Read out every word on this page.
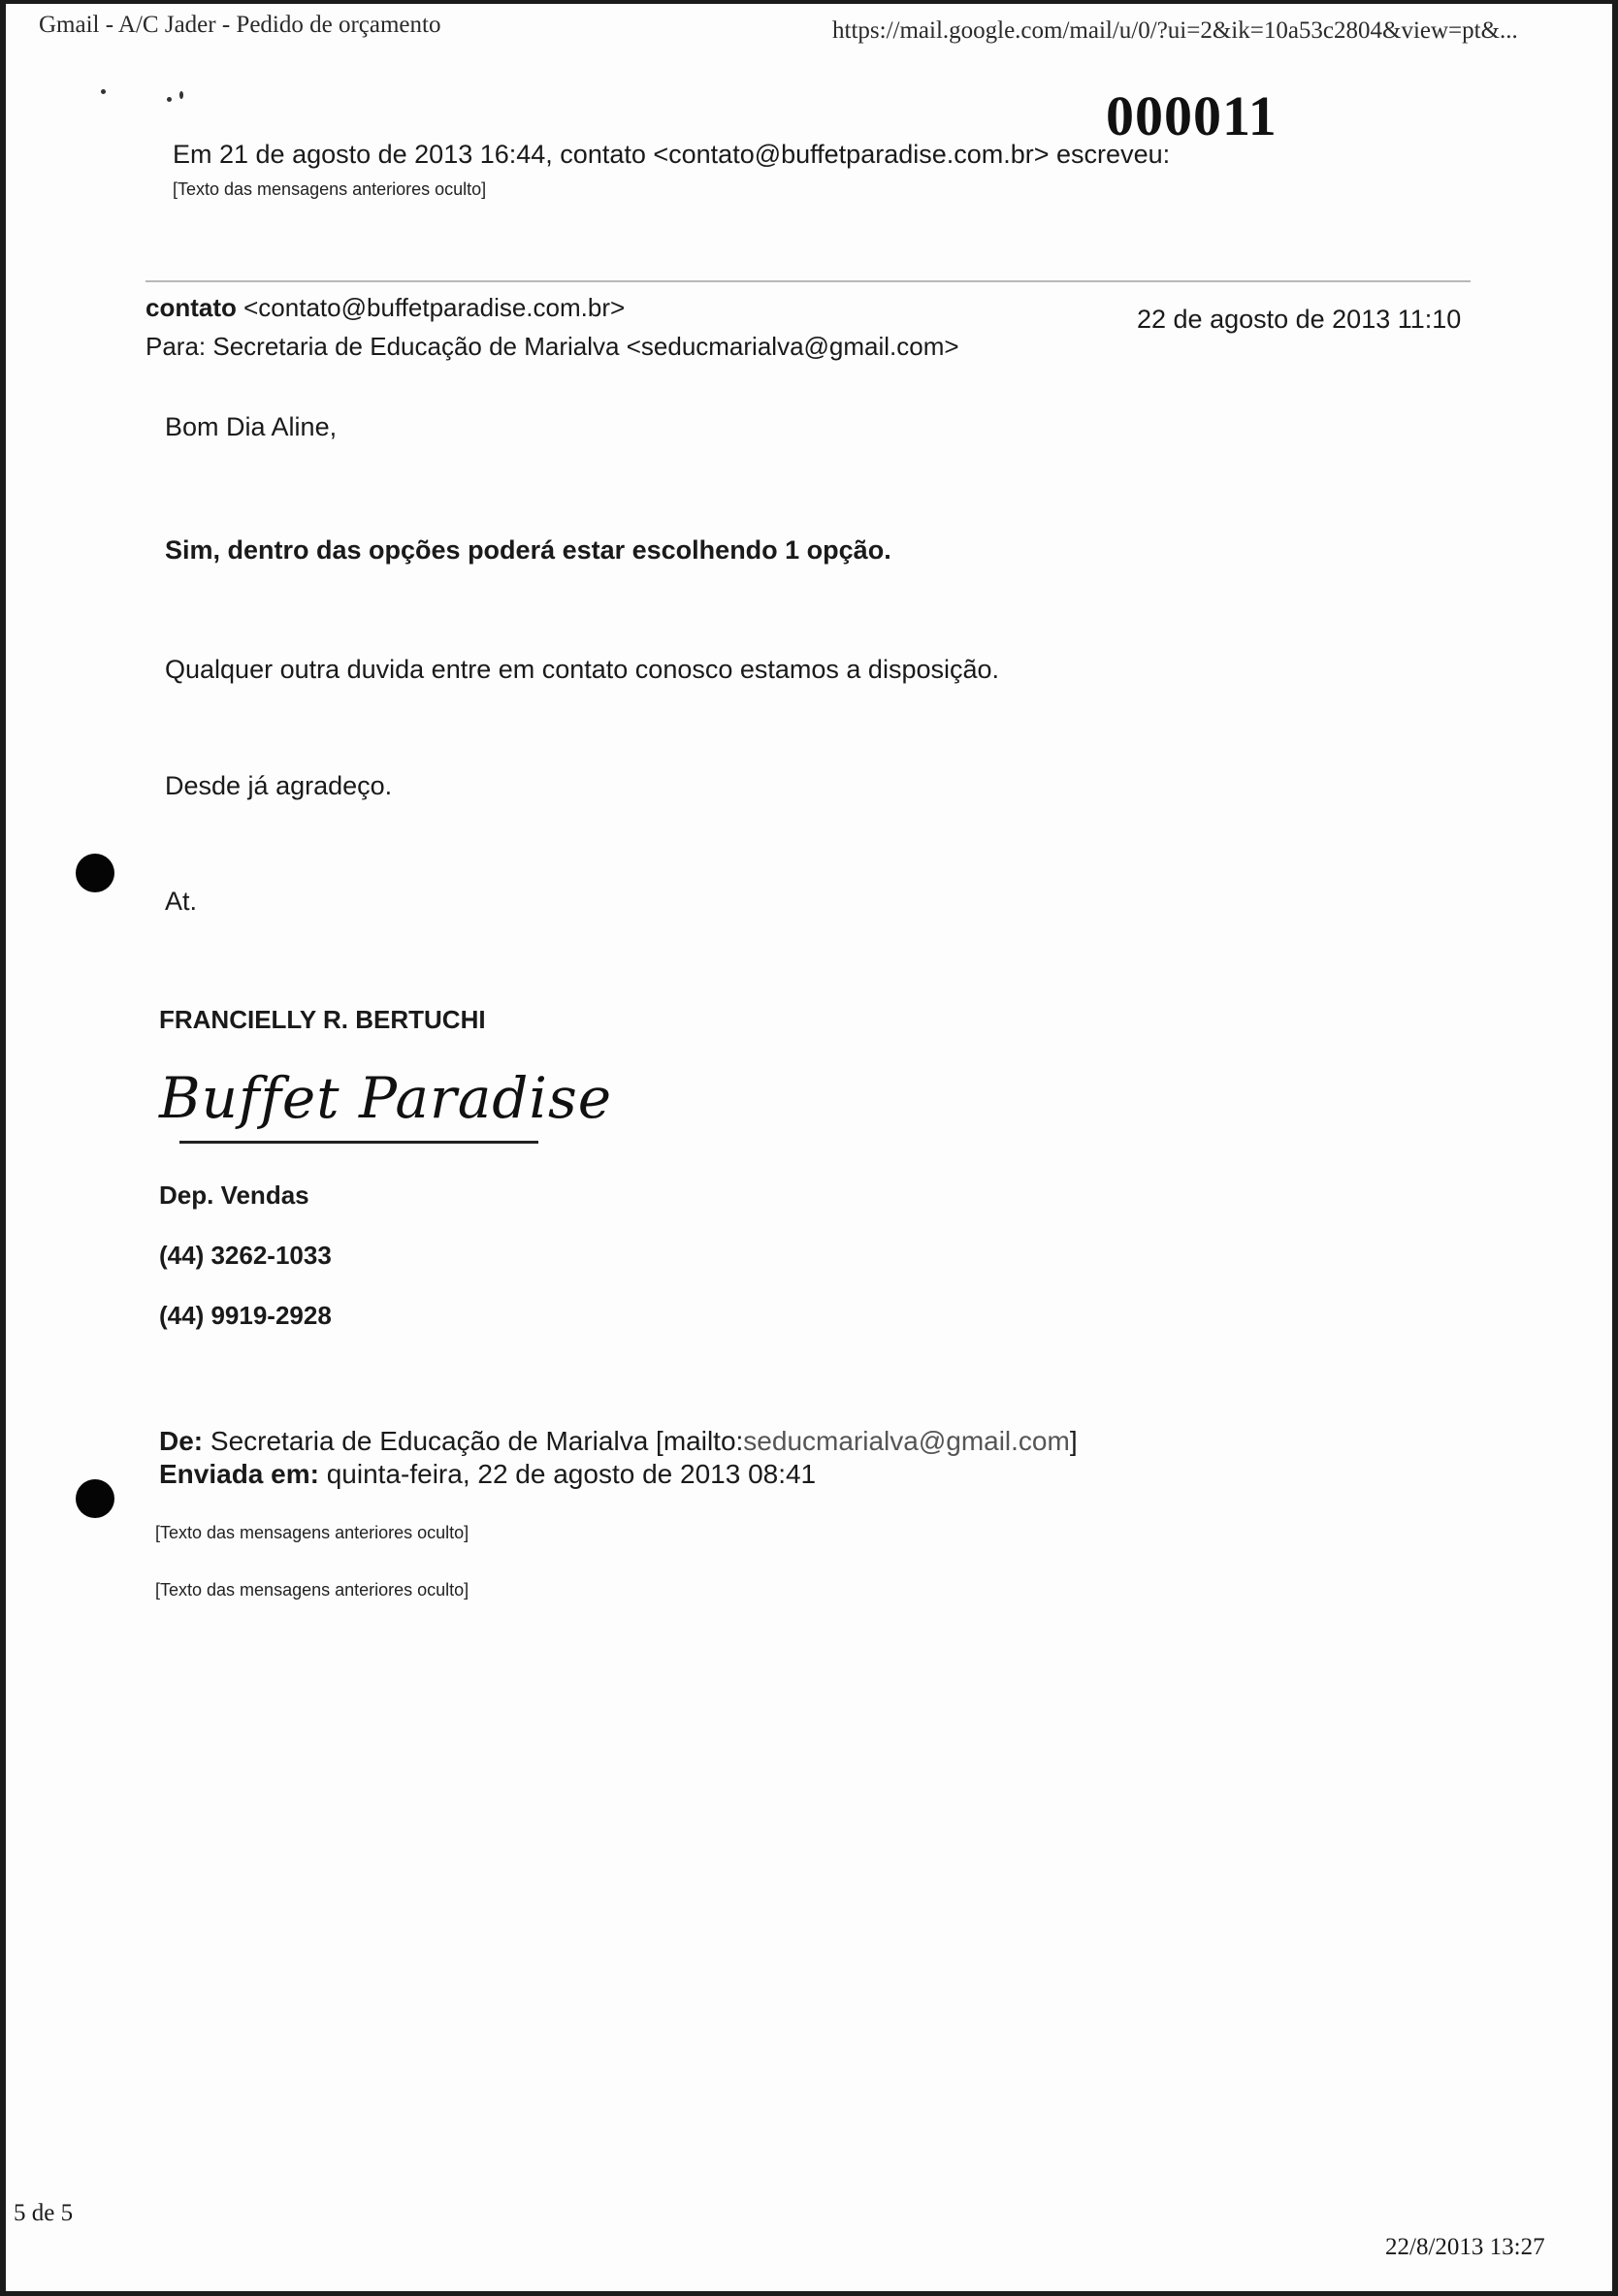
Gmail - A/C Jader - Pedido de orçamento	https://mail.google.com/mail/u/0/?ui=2&ik=10a53c2804&view=pt&...
000011
Em 21 de agosto de 2013 16:44, contato <contato@buffetparadise.com.br> escreveu:
[Texto das mensagens anteriores oculto]
contato <contato@buffetparadise.com.br>
Para: Secretaria de Educação de Marialva <seducmarialva@gmail.com>
22 de agosto de 2013 11:10
Bom Dia Aline,
Sim, dentro das opções poderá estar escolhendo 1 opção.
Qualquer outra duvida entre em contato conosco estamos a disposição.
Desde já agradeço.
At.
FRANCIELLY R. BERTUCHI
Buffet Paradise
Dep. Vendas
(44) 3262-1033
(44) 9919-2928
De: Secretaria de Educação de Marialva [mailto:seducmarialva@gmail.com]
Enviada em: quinta-feira, 22 de agosto de 2013 08:41
[Texto das mensagens anteriores oculto]
[Texto das mensagens anteriores oculto]
5 de 5
22/8/2013 13:27
